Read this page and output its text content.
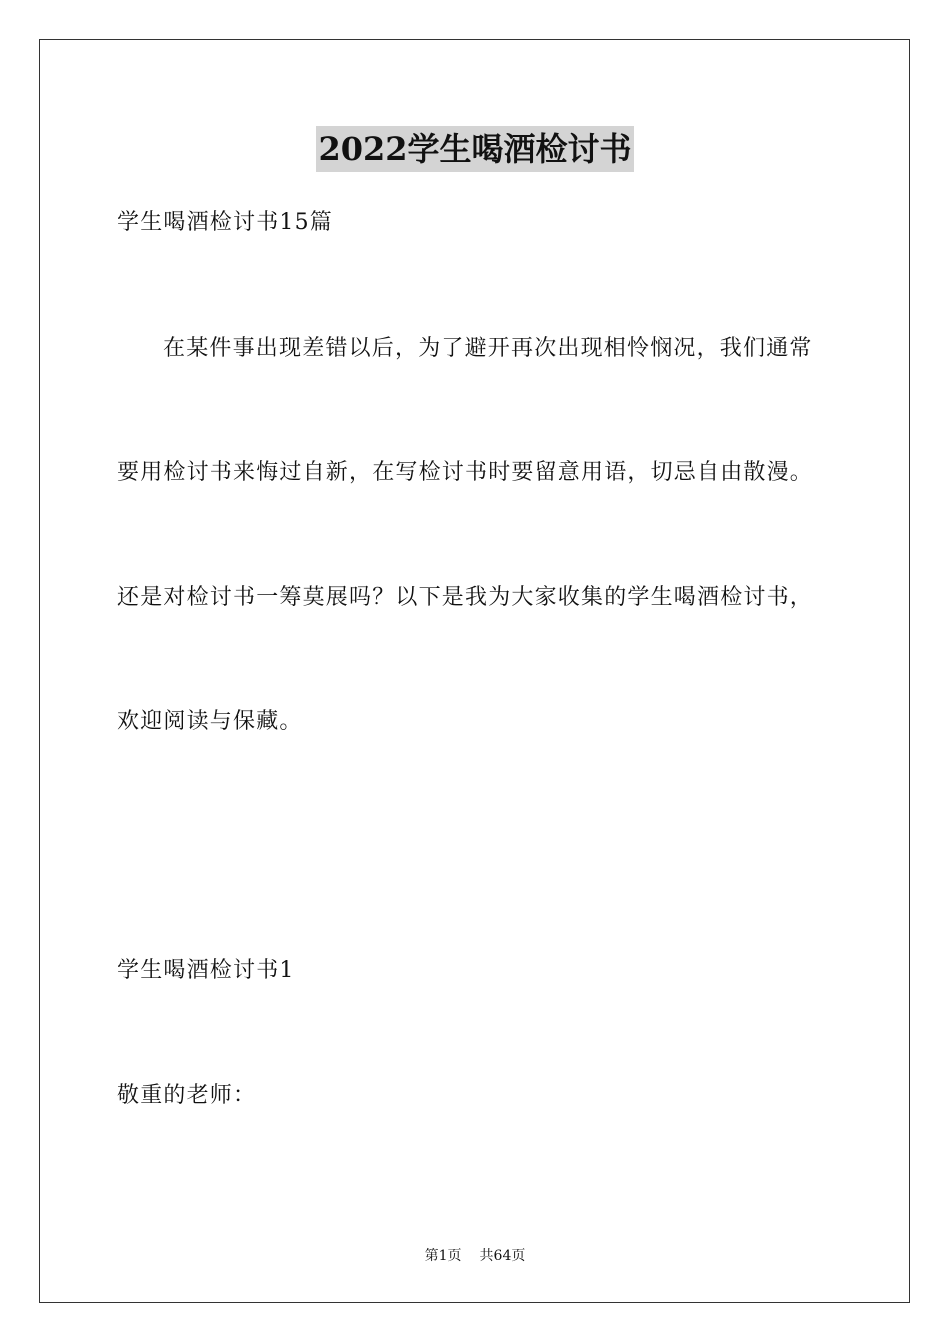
2022学生喝酒检讨书
学生喝酒检讨书15篇
在某件事出现差错以后，为了避开再次出现相怜悯况，我们通常
要用检讨书来悔过自新，在写检讨书时要留意用语，切忌自由散漫。
还是对检讨书一筹莫展吗？以下是我为大家收集的学生喝酒检讨书，
欢迎阅读与保藏。
学生喝酒检讨书1
敬重的老师：
第1页 共64页
